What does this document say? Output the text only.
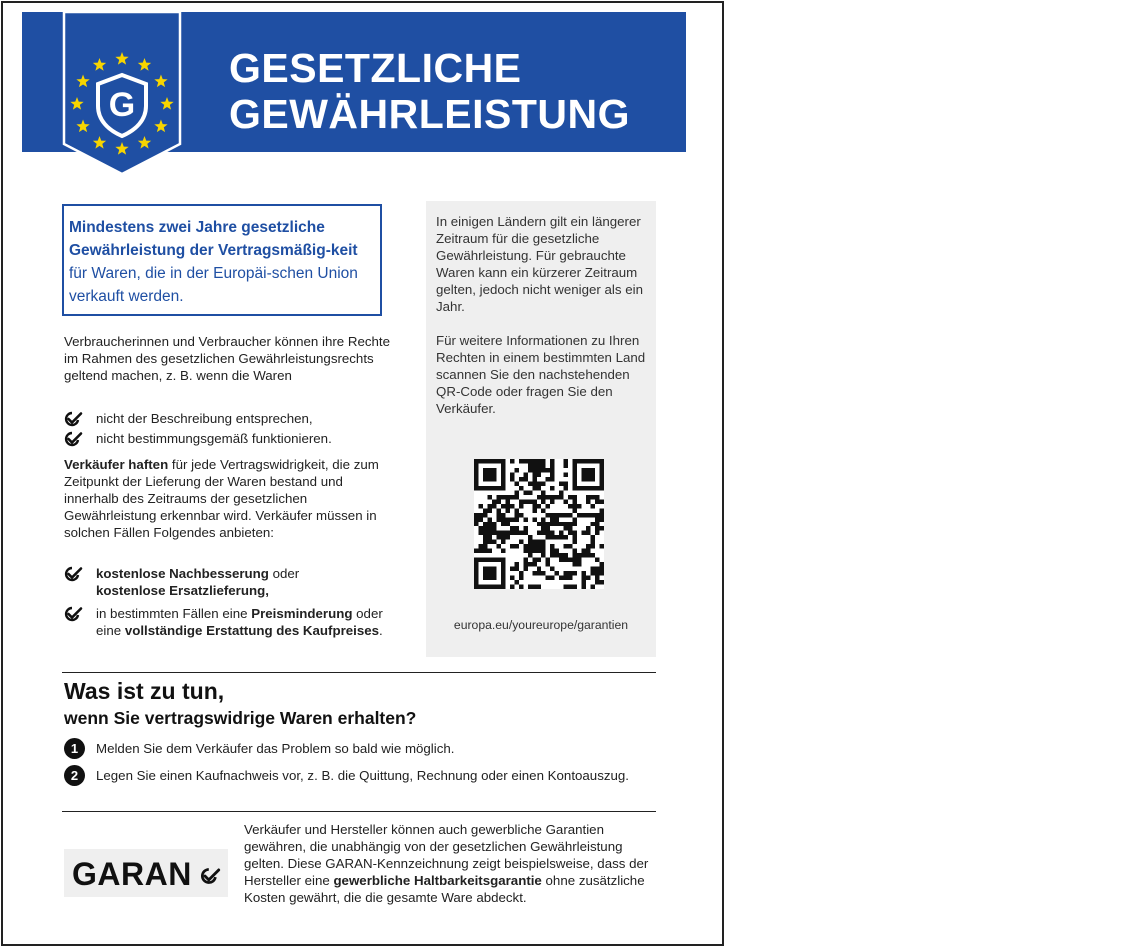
G
GESETZLICHE
GEWÄHRLEISTUNG
Mindestens zwei Jahre gesetzliche Gewährleistung der Vertragsmäßig-keit für Waren, die in der Europäi-schen Union verkauft werden.
Verbraucherinnen und Verbraucher können ihre Rechte im Rahmen des gesetzlichen Gewährleistungsrechts geltend machen, z. B. wenn die Waren
nicht der Beschreibung entsprechen,
nicht bestimmungsgemäß funktionieren.
Verkäufer haften für jede Vertragswidrigkeit, die zum Zeitpunkt der Lieferung der Waren bestand und innerhalb des Zeitraums der gesetzlichen Gewährleistung erkennbar wird. Verkäufer müssen in solchen Fällen Folgendes anbieten:
kostenlose Nachbesserung oder
kostenlose Ersatzlieferung,
in bestimmten Fällen eine Preisminderung oder eine vollständige Erstattung des Kaufpreises.
In einigen Ländern gilt ein längerer Zeitraum für die gesetzliche Gewährleistung. Für gebrauchte Waren kann ein kürzerer Zeitraum gelten, jedoch nicht weniger als ein Jahr.
Für weitere Informationen zu Ihren Rechten in einem bestimmten Land scannen Sie den nachstehenden QR-Code oder fragen Sie den Verkäufer.
europa.eu/youreurope/garantien
Was ist zu tun,
wenn Sie vertragswidrige Waren erhalten?
1	Melden Sie dem Verkäufer das Problem so bald wie möglich.
2	Legen Sie einen Kaufnachweis vor, z. B. die Quittung, Rechnung oder einen Kontoauszug.
GARAN
Verkäufer und Hersteller können auch gewerbliche Garantien gewähren, die unabhängig von der gesetzlichen Gewährleistung gelten. Diese GARAN-Kennzeichnung zeigt beispielsweise, dass der Hersteller eine gewerbliche Haltbarkeitsgarantie ohne zusätzliche Kosten gewährt, die die gesamte Ware abdeckt.
